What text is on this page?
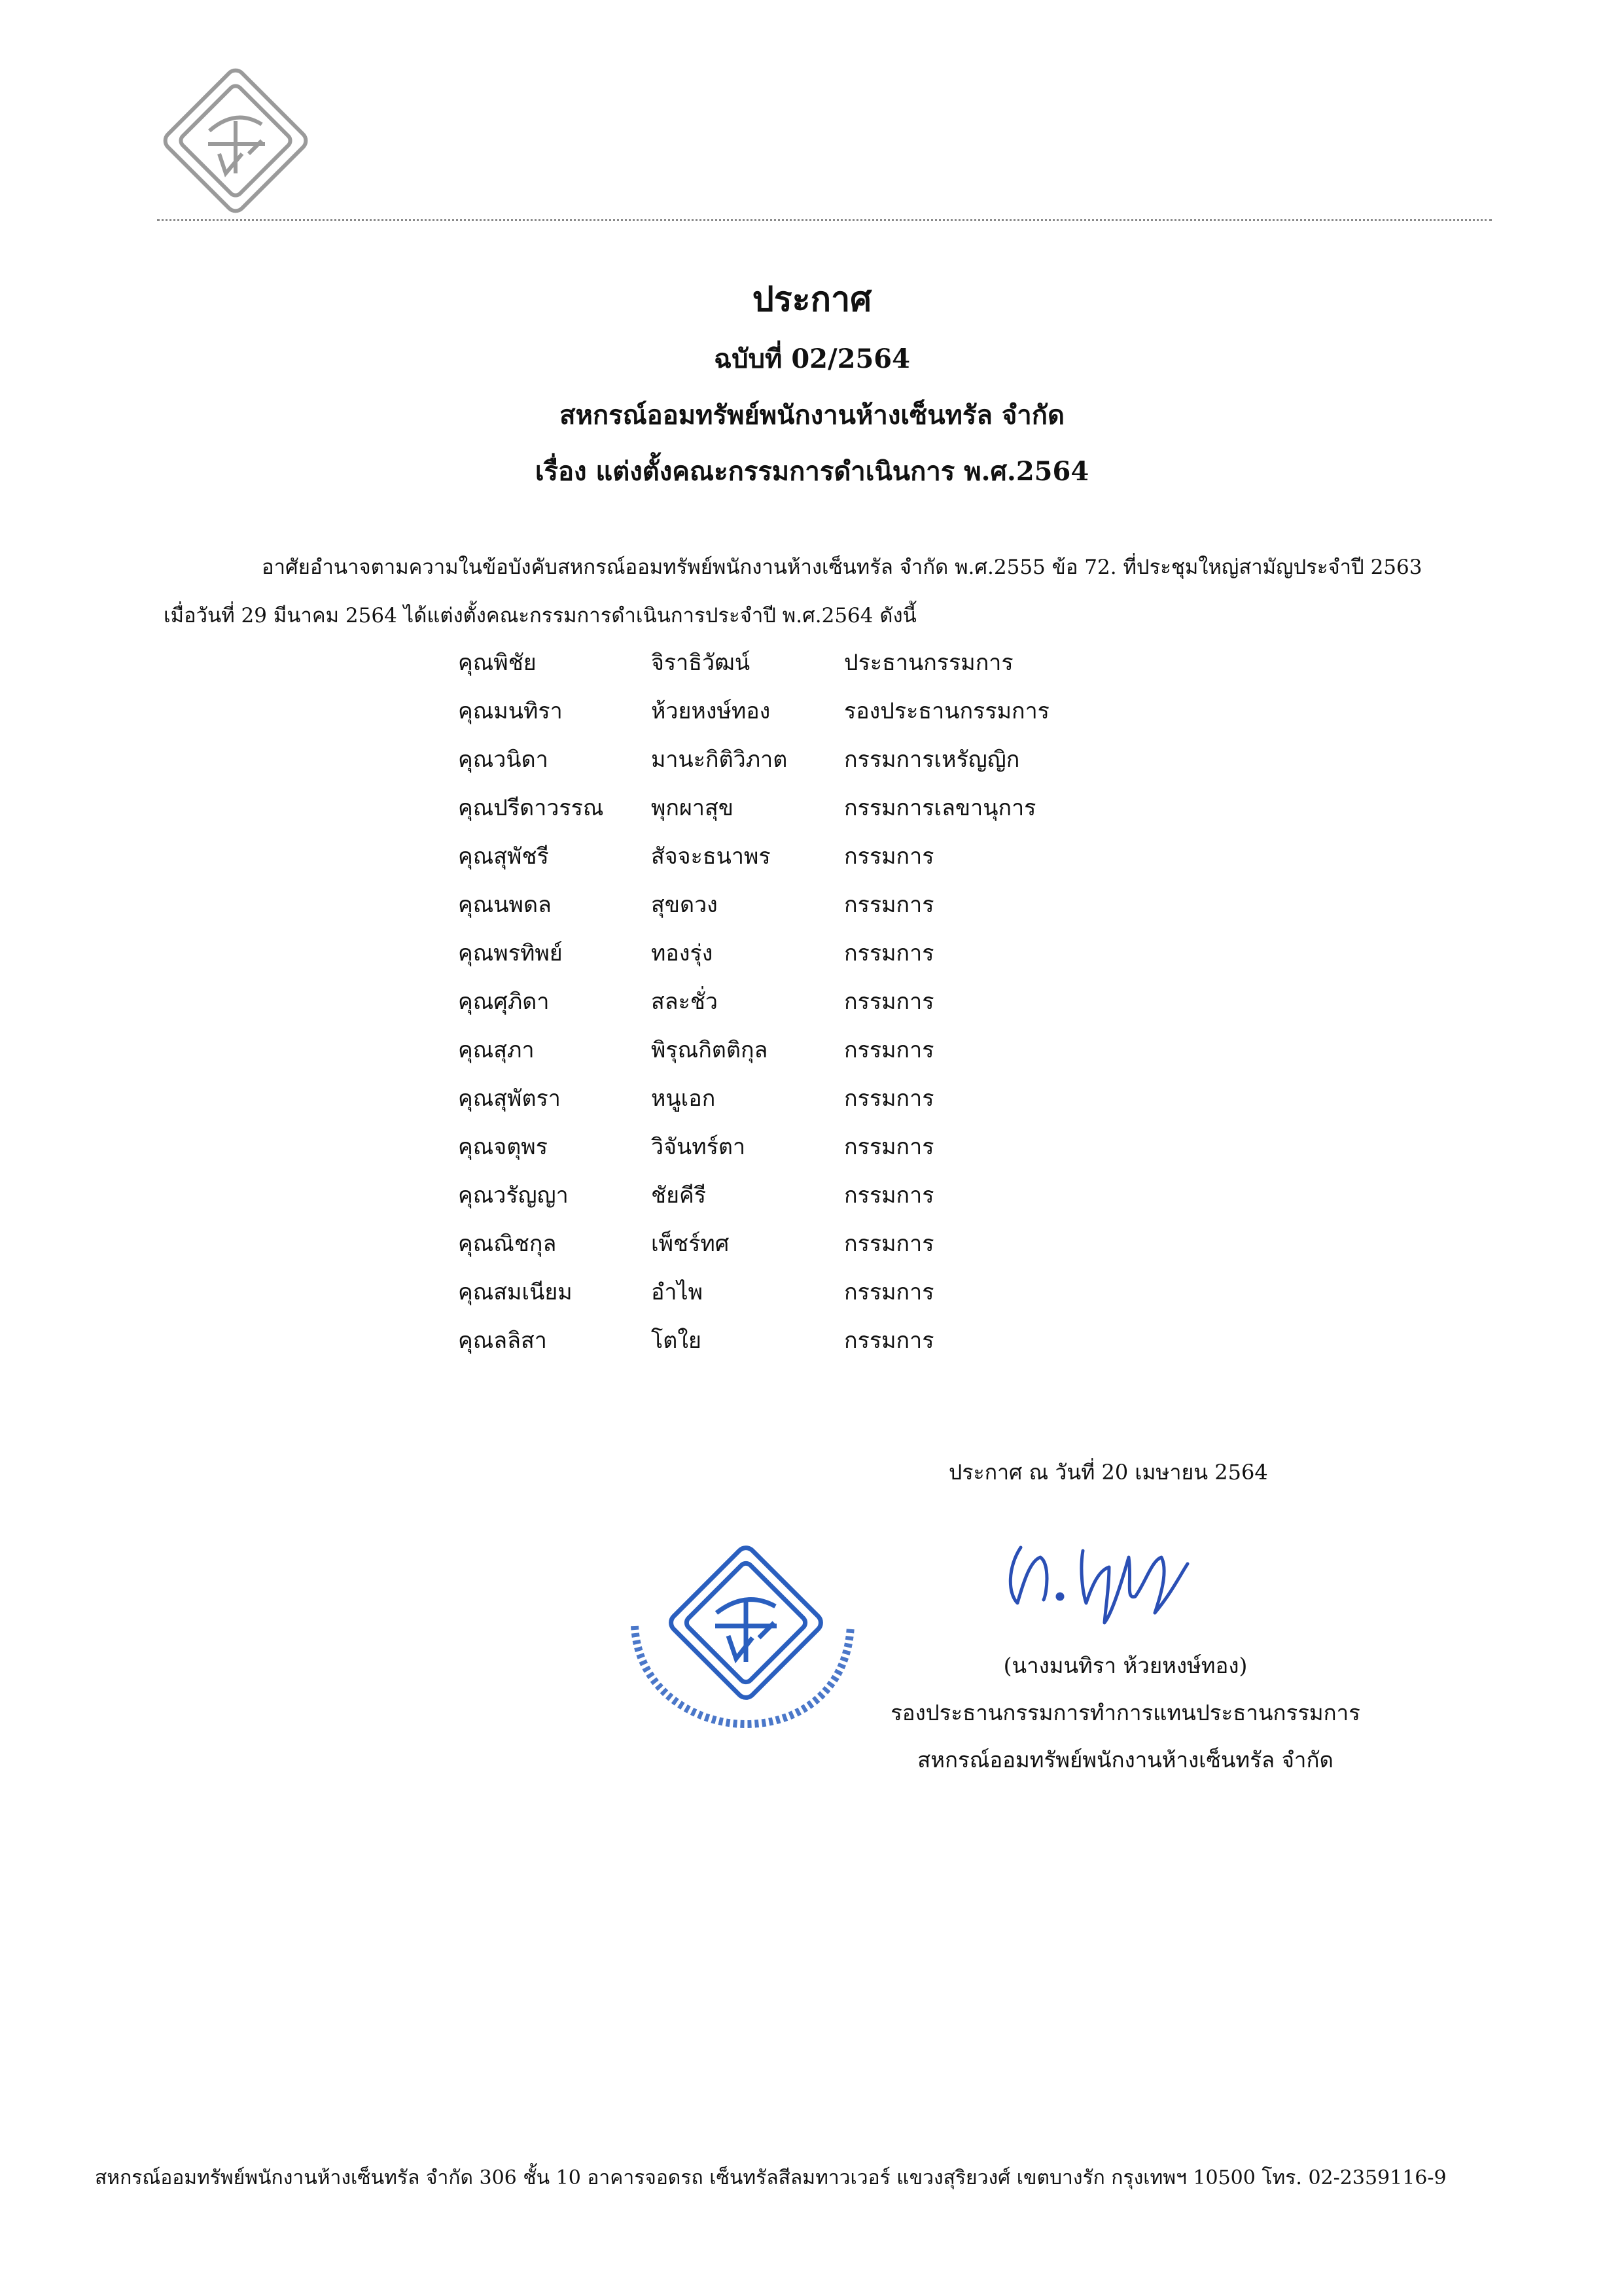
ประกาศ
ฉบับที่ 02/2564
สหกรณ์ออมทรัพย์พนักงานห้างเซ็นทรัล จำกัด
เรื่อง แต่งตั้งคณะกรรมการดำเนินการ พ.ศ.2564
อาศัยอำนาจตามความในข้อบังคับสหกรณ์ออมทรัพย์พนักงานห้างเซ็นทรัล จำกัด พ.ศ.2555 ข้อ 72. ที่ประชุมใหญ่สามัญประจำปี 2563
เมื่อวันที่ 29 มีนาคม 2564 ได้แต่งตั้งคณะกรรมการดำเนินการประจำปี พ.ศ.2564 ดังนี้
คุณพิชัย	จิราธิวัฒน์	ประธานกรรมการ
คุณมนทิรา	ห้วยหงษ์ทอง	รองประธานกรรมการ
คุณวนิดา	มานะกิติวิภาต	กรรมการเหรัญญิก
คุณปรีดาวรรณ	พุกผาสุข	กรรมการเลขานุการ
คุณสุพัชรี	สัจจะธนาพร	กรรมการ
คุณนพดล	สุขดวง	กรรมการ
คุณพรทิพย์	ทองรุ่ง	กรรมการ
คุณศุภิดา	สละชั่ว	กรรมการ
คุณสุภา	พิรุณกิตติกุล	กรรมการ
คุณสุพัตรา	หนูเอก	กรรมการ
คุณจตุพร	วิจันทร์ตา	กรรมการ
คุณวรัญญา	ชัยคีรี	กรรมการ
คุณณิชกุล	เพ็ชร์ทศ	กรรมการ
คุณสมเนียม	อำไพ	กรรมการ
คุณลลิสา	โตใย	กรรมการ
ประกาศ ณ วันที่ 20 เมษายน 2564
(นางมนทิรา ห้วยหงษ์ทอง)
รองประธานกรรมการทำการแทนประธานกรรมการ
สหกรณ์ออมทรัพย์พนักงานห้างเซ็นทรัล จำกัด
สหกรณ์ออมทรัพย์พนักงานห้างเซ็นทรัล จำกัด 306 ชั้น 10 อาคารจอดรถ เซ็นทรัลสีลมทาวเวอร์ แขวงสุริยวงศ์ เขตบางรัก กรุงเทพฯ 10500 โทร. 02-2359116-9
